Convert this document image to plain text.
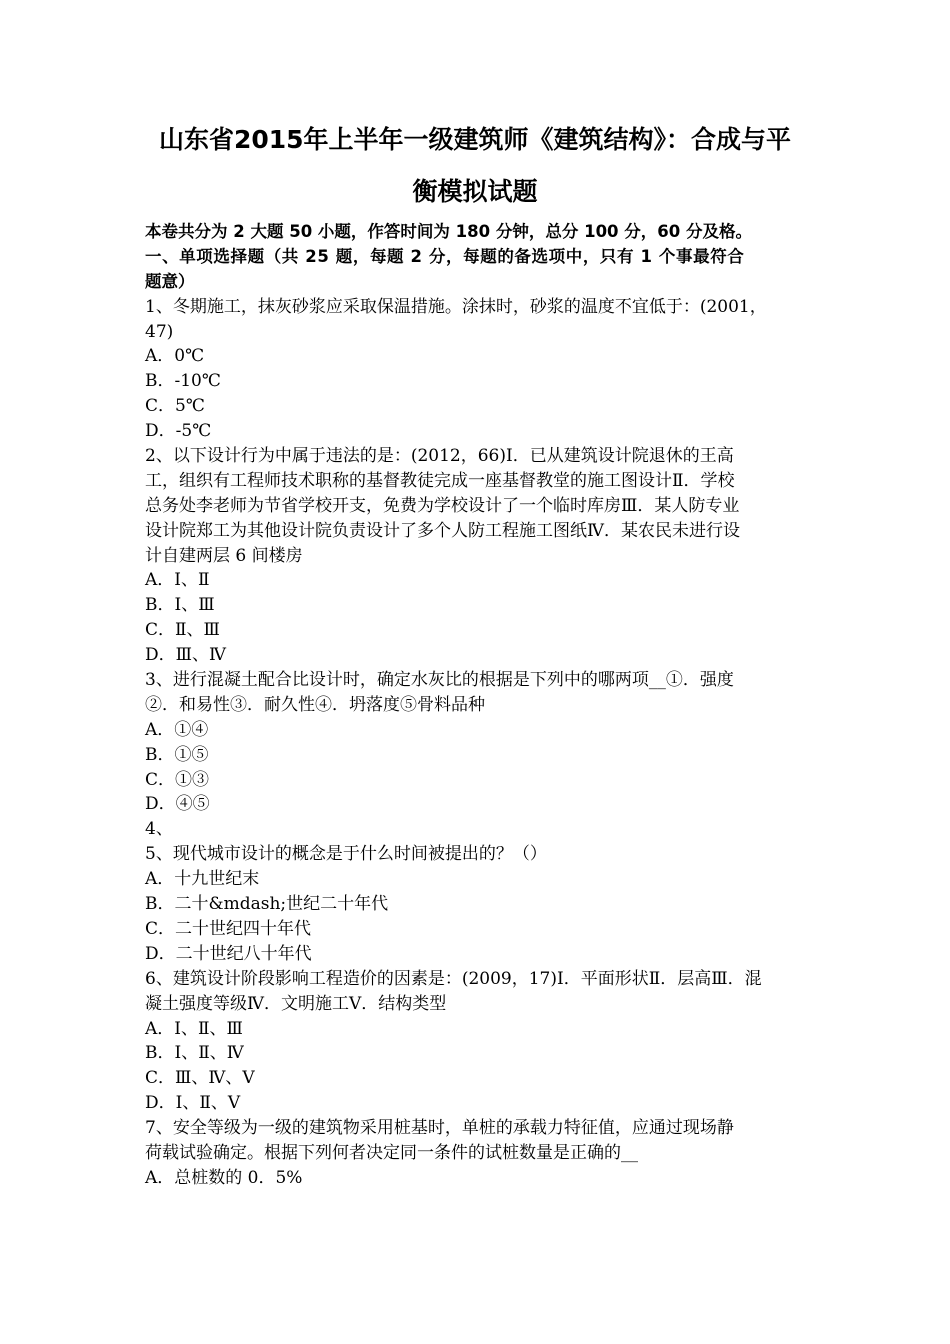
山东省2015年上半年一级建筑师《建筑结构》：合成与平
衡模拟试题
本卷共分为 2 大题 50 小题，作答时间为 180 分钟，总分 100 分，60 分及格。
一、单项选择题（共 25 题，每题 2 分，每题的备选项中，只有 1 个事最符合
题意）
1、冬期施工，抹灰砂浆应采取保温措施。涂抹时，砂浆的温度不宜低于：(2001，
47)
A．0℃
B．-10℃
C．5℃
D．-5℃
2、以下设计行为中属于违法的是：(2012，66)Ⅰ．已从建筑设计院退休的王高
工，组织有工程师技术职称的基督教徒完成一座基督教堂的施工图设计Ⅱ．学校
总务处李老师为节省学校开支，免费为学校设计了一个临时库房Ⅲ．某人防专业
设计院郑工为其他设计院负责设计了多个人防工程施工图纸Ⅳ．某农民未进行设
计自建两层 6 间楼房
A．Ⅰ、Ⅱ
B．Ⅰ、Ⅲ
C．Ⅱ、Ⅲ
D．Ⅲ、Ⅳ
3、进行混凝土配合比设计时，确定水灰比的根据是下列中的哪两项__①．强度
②．和易性③．耐久性④．坍落度⑤骨料品种
A．①④
B．①⑤
C．①③
D．④⑤
4、
5、现代城市设计的概念是于什么时间被提出的？（）
A．十九世纪末
B．二十&mdash;世纪二十年代
C．二十世纪四十年代
D．二十世纪八十年代
6、建筑设计阶段影响工程造价的因素是：(2009，17)Ⅰ．平面形状Ⅱ．层高Ⅲ．混
凝土强度等级Ⅳ．文明施工Ⅴ．结构类型
A．Ⅰ、Ⅱ、Ⅲ
B．Ⅰ、Ⅱ、Ⅳ
C．Ⅲ、Ⅳ、Ⅴ
D．Ⅰ、Ⅱ、Ⅴ
7、安全等级为一级的建筑物采用桩基时，单桩的承载力特征值，应通过现场静
荷载试验确定。根据下列何者决定同一条件的试桩数量是正确的__
A．总桩数的 0．5%
